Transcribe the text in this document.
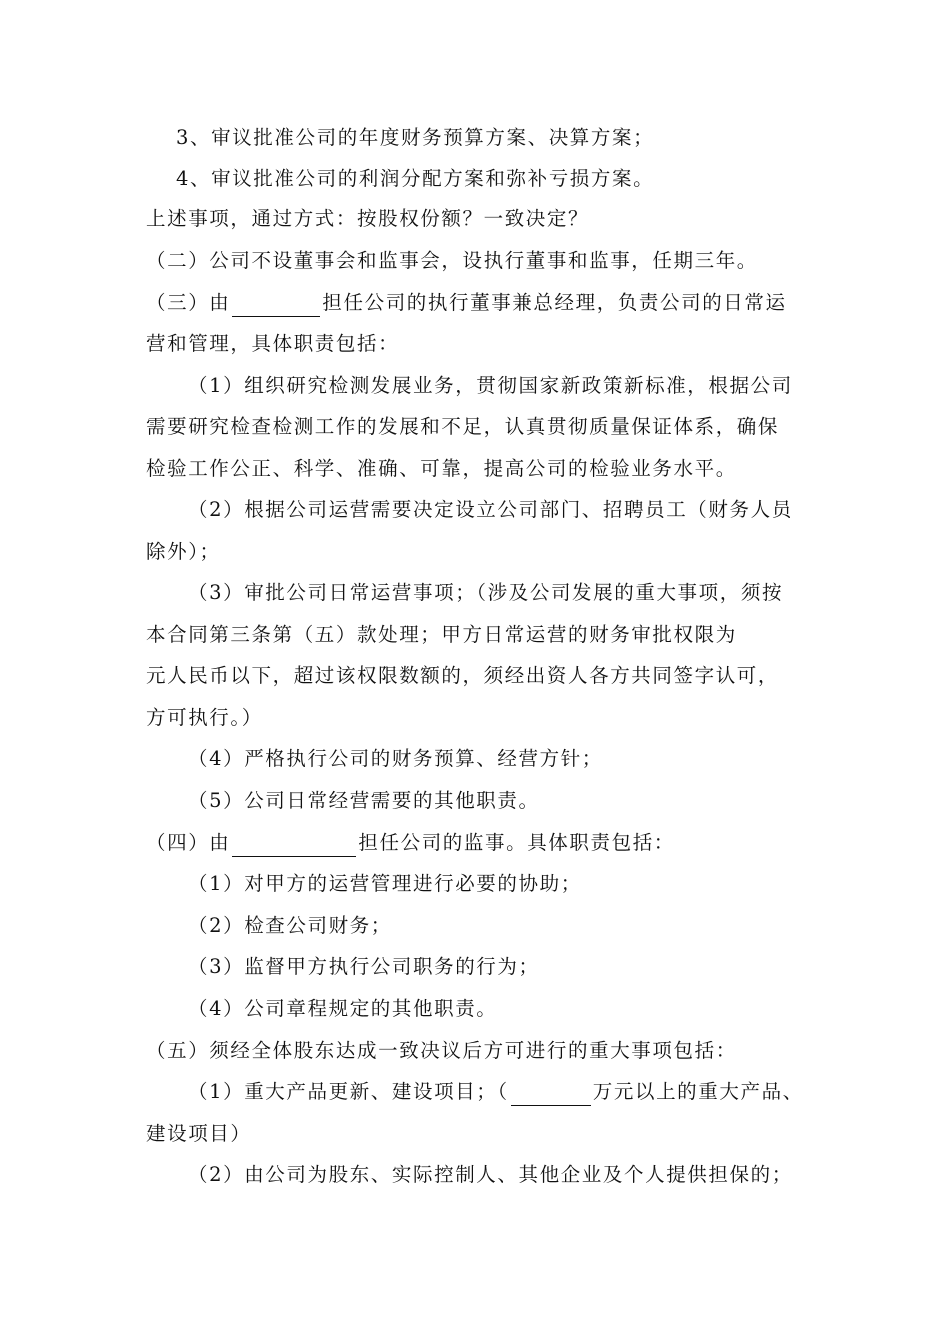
3、审议批准公司的年度财务预算方案、决算方案；
4、审议批准公司的利润分配方案和弥补亏损方案。
上述事项，通过方式：按股权份额？一致决定？
（二）公司不设董事会和监事会，设执行董事和监事，任期三年。
（三）由	担任公司的执行董事兼总经理，负责公司的日常运
营和管理，具体职责包括：
（1）组织研究检测发展业务，贯彻国家新政策新标准，根据公司
需要研究检查检测工作的发展和不足，认真贯彻质量保证体系，确保
检验工作公正、科学、准确、可靠，提高公司的检验业务水平。
（2）根据公司运营需要决定设立公司部门、招聘员工（财务人员
除外）；
（3）审批公司日常运营事项；（涉及公司发展的重大事项，须按
本合同第三条第（五）款处理；甲方日常运营的财务审批权限为
元人民币以下，超过该权限数额的，须经出资人各方共同签字认可，
方可执行。）
（4）严格执行公司的财务预算、经营方针；
（5）公司日常经营需要的其他职责。
（四）由	担任公司的监事。具体职责包括：
（1）对甲方的运营管理进行必要的协助；
（2）检查公司财务；
（3）监督甲方执行公司职务的行为；
（4）公司章程规定的其他职责。
（五）须经全体股东达成一致决议后方可进行的重大事项包括：
（1）重大产品更新、建设项目；（	万元以上的重大产品、
建设项目）
（2）由公司为股东、实际控制人、其他企业及个人提供担保的；
